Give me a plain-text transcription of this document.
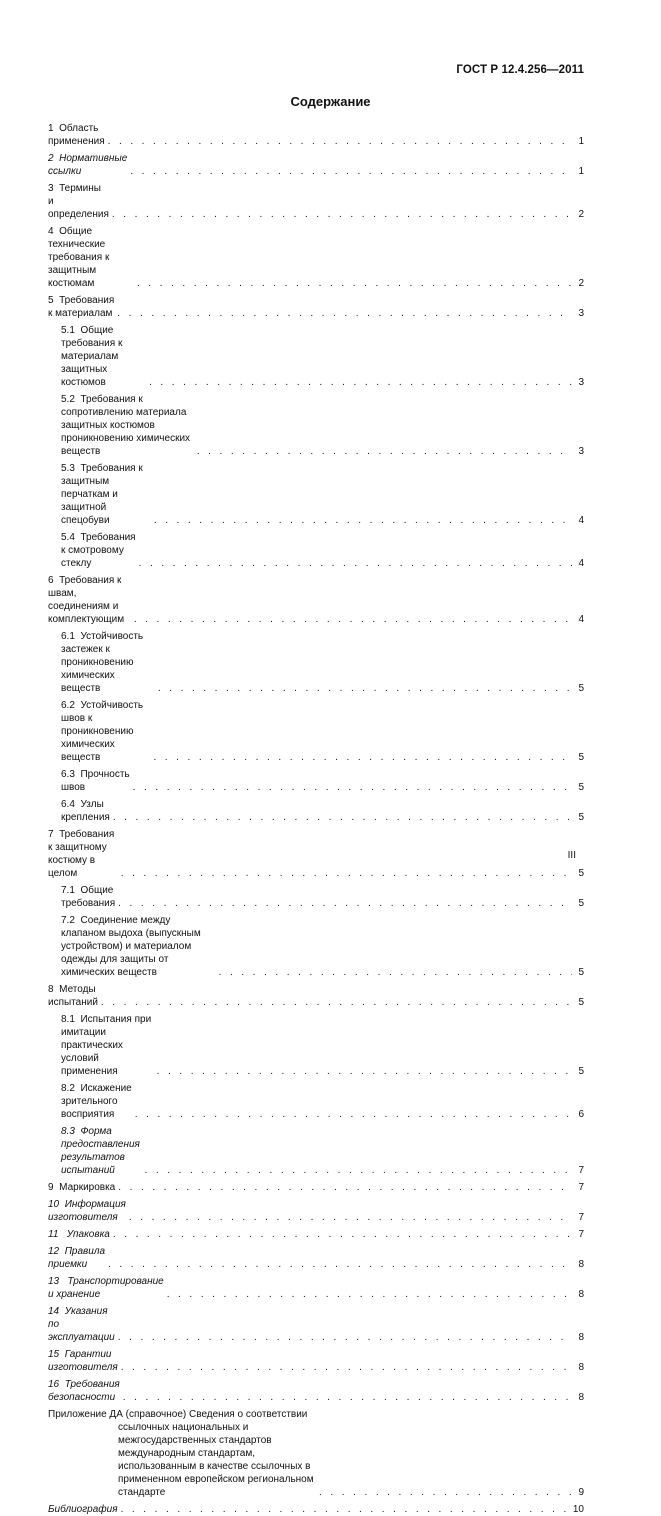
ГОСТ Р 12.4.256—2011
Содержание
1  Область применения . . .	1
2  Нормативные ссылки . . .	1
3  Термины и определения . . .	2
4  Общие технические требования к защитным костюмам . . .	2
5  Требования к материалам . . .	3
5.1  Общие требования к материалам защитных костюмов . . .	3
5.2  Требования к сопротивлению материала защитных костюмов проникновению химических веществ . . .	3
5.3  Требования к защитным перчаткам и защитной спецобуви . . .	4
5.4  Требования к смотровому стеклу . . .	4
6  Требования к швам, соединениям и комплектующим . . .	4
6.1  Устойчивость застежек к проникновению химических веществ . . .	5
6.2  Устойчивость швов к проникновению химических веществ . . .	5
6.3  Прочность швов . . .	5
6.4  Узлы крепления . . .	5
7  Требования к защитному костюму в целом . . .	5
7.1  Общие требования . . .	5
7.2  Соединение между клапаном выдоха (выпускным устройством) и материалом одежды для защиты от химических веществ . . .	5
8  Методы испытаний . . .	5
8.1  Испытания при имитации практических условий применения . . .	5
8.2  Искажение зрительного восприятия . . .	6
8.3  Форма предоставления результатов испытаний . . .	7
9  Маркировка . . .	7
10  Информация изготовителя . . .	7
11   Упаковка . . .	7
12  Правила приемки . . .	8
13   Транспортирование и хранение . . .	8
14  Указания по эксплуатации . . .	8
15  Гарантии изготовителя . . .	8
16  Требования безопасности . . .	8
Приложение ДА (справочное) Сведения о соответствии ссылочных национальных и межгосударственных стандартов международным стандартам, использованным в качестве ссылочных в примененном европейском региональном стандарте . . .	9
Библиография . . .	10
III
